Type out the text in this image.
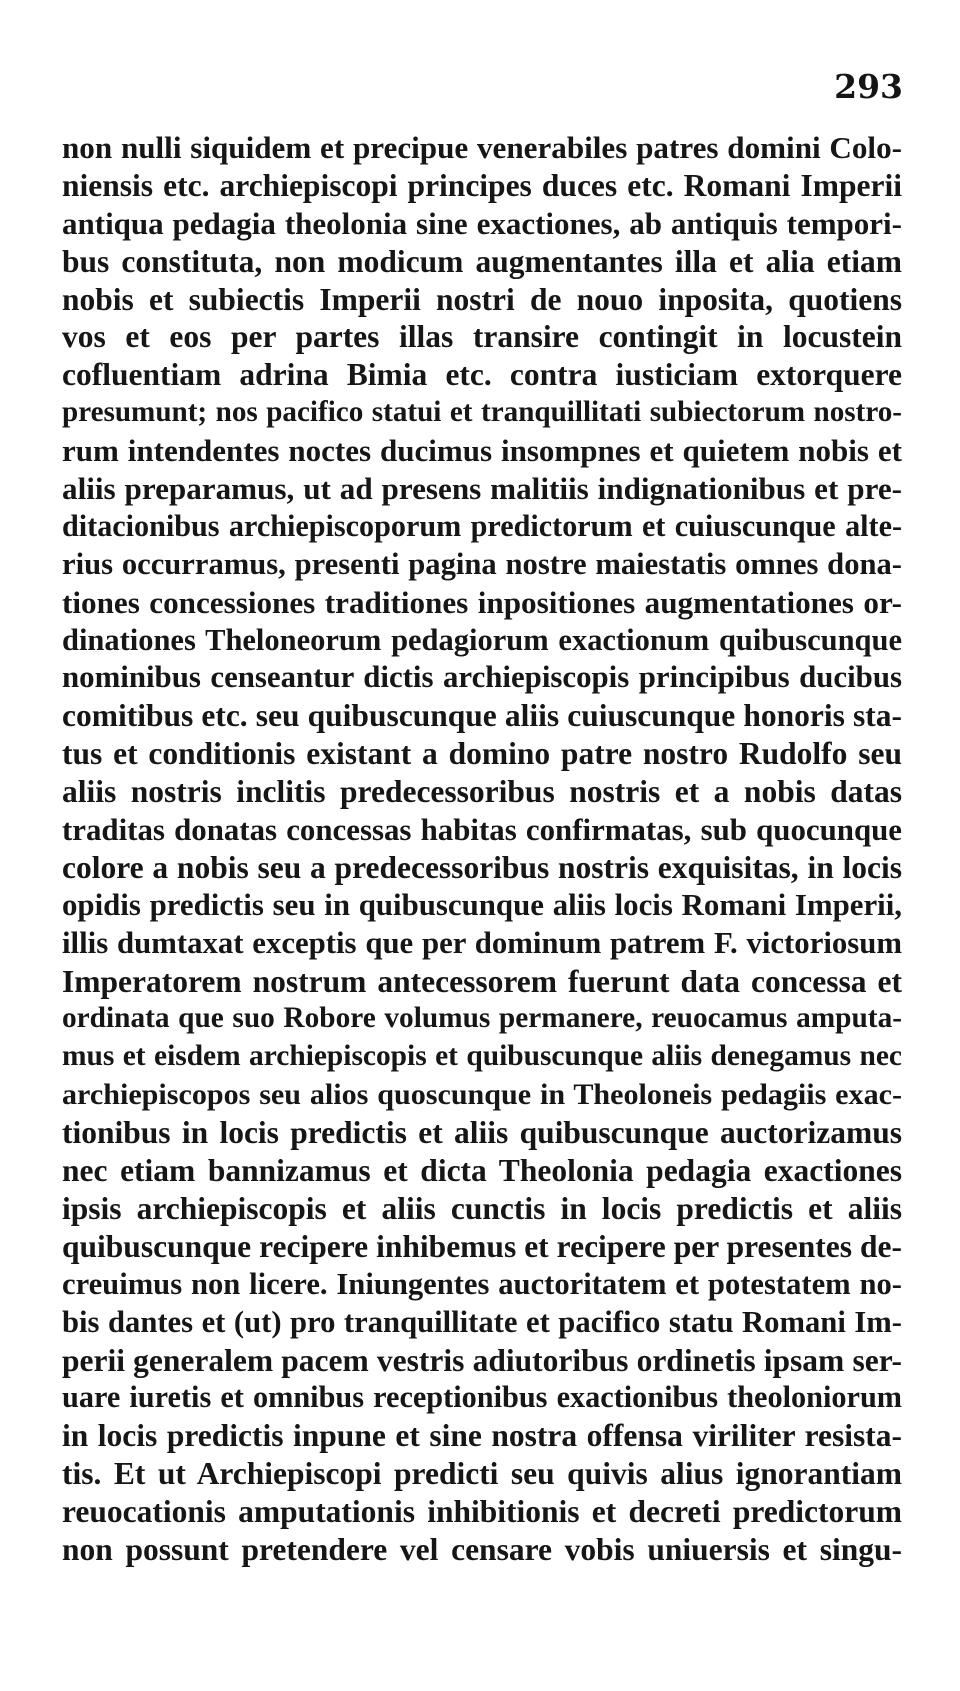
293

non nulli siquidem et precipue venerabiles patres domini Colo-
niensis etc. archiepiscopi principes duces etc. Romani Imperii
antiqua pedagia theolonia sine exactiones, ab antiquis tempori-
bus constituta, non modicum augmentantes illa et alia etiam
nobis et subiectis Imperii nostri de nouo inposita, quotiens
vos et eos per partes illas transire contingit in locustein
cofluentiam adrina Bimia etc. contra iusticiam extorquere
presumunt; nos pacifico statui et tranquillitati subiectorum nostro-
rum intendentes noctes ducimus insompnes et quietem nobis et
aliis preparamus, ut ad presens malitiis indignationibus et pre-
ditacionibus archiepiscoporum predictorum et cuiuscunque alte-
rius occurramus, presenti pagina nostre maiestatis omnes dona-
tiones concessiones traditiones inpositiones augmentationes or-
dinationes Theloneorum pedagiorum exactionum quibuscunque
nominibus censeantur dictis archiepiscopis principibus ducibus
comitibus etc. seu quibuscunque aliis cuiuscunque honoris sta-
tus et conditionis existant a domino patre nostro Rudolfo seu
aliis nostris inclitis predecessoribus nostris et a nobis datas
traditas donatas concessas habitas confirmatas, sub quocunque
colore a nobis seu a predecessoribus nostris exquisitas, in locis
opidis predictis seu in quibuscunque aliis locis Romani Imperii,
illis dumtaxat exceptis que per dominum patrem F. victoriosum
Imperatorem nostrum antecessorem fuerunt data concessa et
ordinata que suo Robore volumus permanere, reuocamus amputa-
mus et eisdem archiepiscopis et quibuscunque aliis denegamus nec
archiepiscopos seu alios quoscunque in Theoloneis pedagiis exac-
tionibus in locis predictis et aliis quibuscunque auctorizamus
nec etiam bannizamus et dicta Theolonia pedagia exactiones
ipsis archiepiscopis et aliis cunctis in locis predictis et aliis
quibuscunque recipere inhibemus et recipere per presentes de-
creuimus non licere. Iniungentes auctoritatem et potestatem no-
bis dantes et (ut) pro tranquillitate et pacifico statu Romani Im-
perii generalem pacem vestris adiutoribus ordinetis ipsam ser-
uare iuretis et omnibus receptionibus exactionibus theoloniorum
in locis predictis inpune et sine nostra offensa viriliter resista-
tis. Et ut Archiepiscopi predicti seu quivis alius ignorantiam
reuocationis amputationis inhibitionis et decreti predictorum
non possunt pretendere vel censare vobis uniuersis et singu-
